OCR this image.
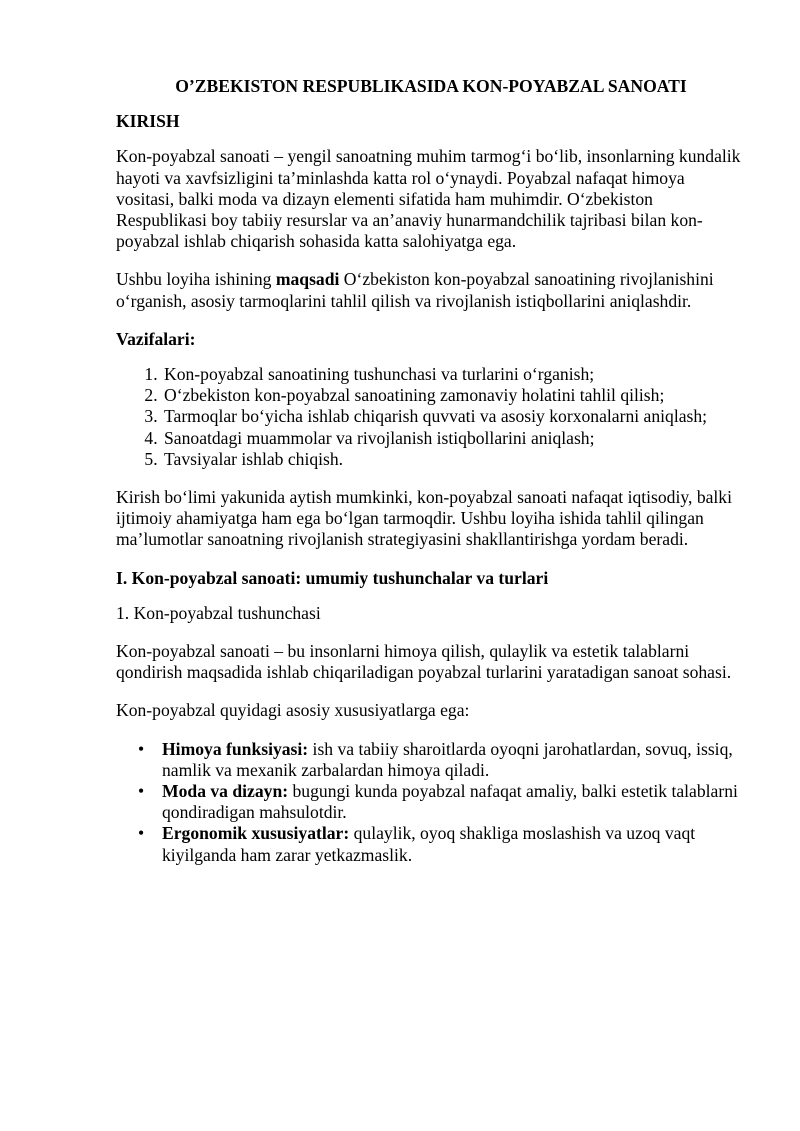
O’ZBEKISTON RESPUBLIKASIDA KON-POYABZAL SANOATI
KIRISH

Kon-poyabzal sanoati – yengil sanoatning muhim tarmog‘i bo‘lib, insonlarning kundalik hayoti va xavfsizligini ta’minlashda katta rol o‘ynaydi. Poyabzal nafaqat himoya vositasi, balki moda va dizayn elementi sifatida ham muhimdir. O‘zbekiston Respublikasi boy tabiiy resurslar va an’anaviy hunarmandchilik tajribasi bilan kon-poyabzal ishlab chiqarish sohasida katta salohiyatga ega.

Ushbu loyiha ishining maqsadi O‘zbekiston kon-poyabzal sanoatining rivojlanishini o‘rganish, asosiy tarmoqlarini tahlil qilish va rivojlanish istiqbollarini aniqlashdir.

Vazifalari:
1. Kon-poyabzal sanoatining tushunchasi va turlarini o‘rganish;
2. O‘zbekiston kon-poyabzal sanoatining zamonaviy holatini tahlil qilish;
3. Tarmoqlar bo‘yicha ishlab chiqarish quvvati va asosiy korxonalarni aniqlash;
4. Sanoatdagi muammolar va rivojlanish istiqbollarini aniqlash;
5. Tavsiyalar ishlab chiqish.

Kirish bo‘limi yakunida aytish mumkinki, kon-poyabzal sanoati nafaqat iqtisodiy, balki ijtimoiy ahamiyatga ham ega bo‘lgan tarmoqdir. Ushbu loyiha ishida tahlil qilingan ma’lumotlar sanoatning rivojlanish strategiyasini shakllantirishga yordam beradi.

I. Kon-poyabzal sanoati: umumiy tushunchalar va turlari
1. Kon-poyabzal tushunchasi

Kon-poyabzal sanoati – bu insonlarni himoya qilish, qulaylik va estetik talablarni qondirish maqsadida ishlab chiqariladigan poyabzal turlarini yaratadigan sanoat sohasi.

Kon-poyabzal quyidagi asosiy xususiyatlarga ega:

• Himoya funksiyasi: ish va tabiiy sharoitlarda oyoqni jarohatlardan, sovuq, issiq, namlik va mexanik zarbalardan himoya qiladi.
• Moda va dizayn: bugungi kunda poyabzal nafaqat amaliy, balki estetik talablarni qondiradigan mahsulotdir.
• Ergonomik xususiyatlar: qulaylik, oyoq shakliga moslashish va uzoq vaqt kiyilganda ham zarar yetkazmaslik.
